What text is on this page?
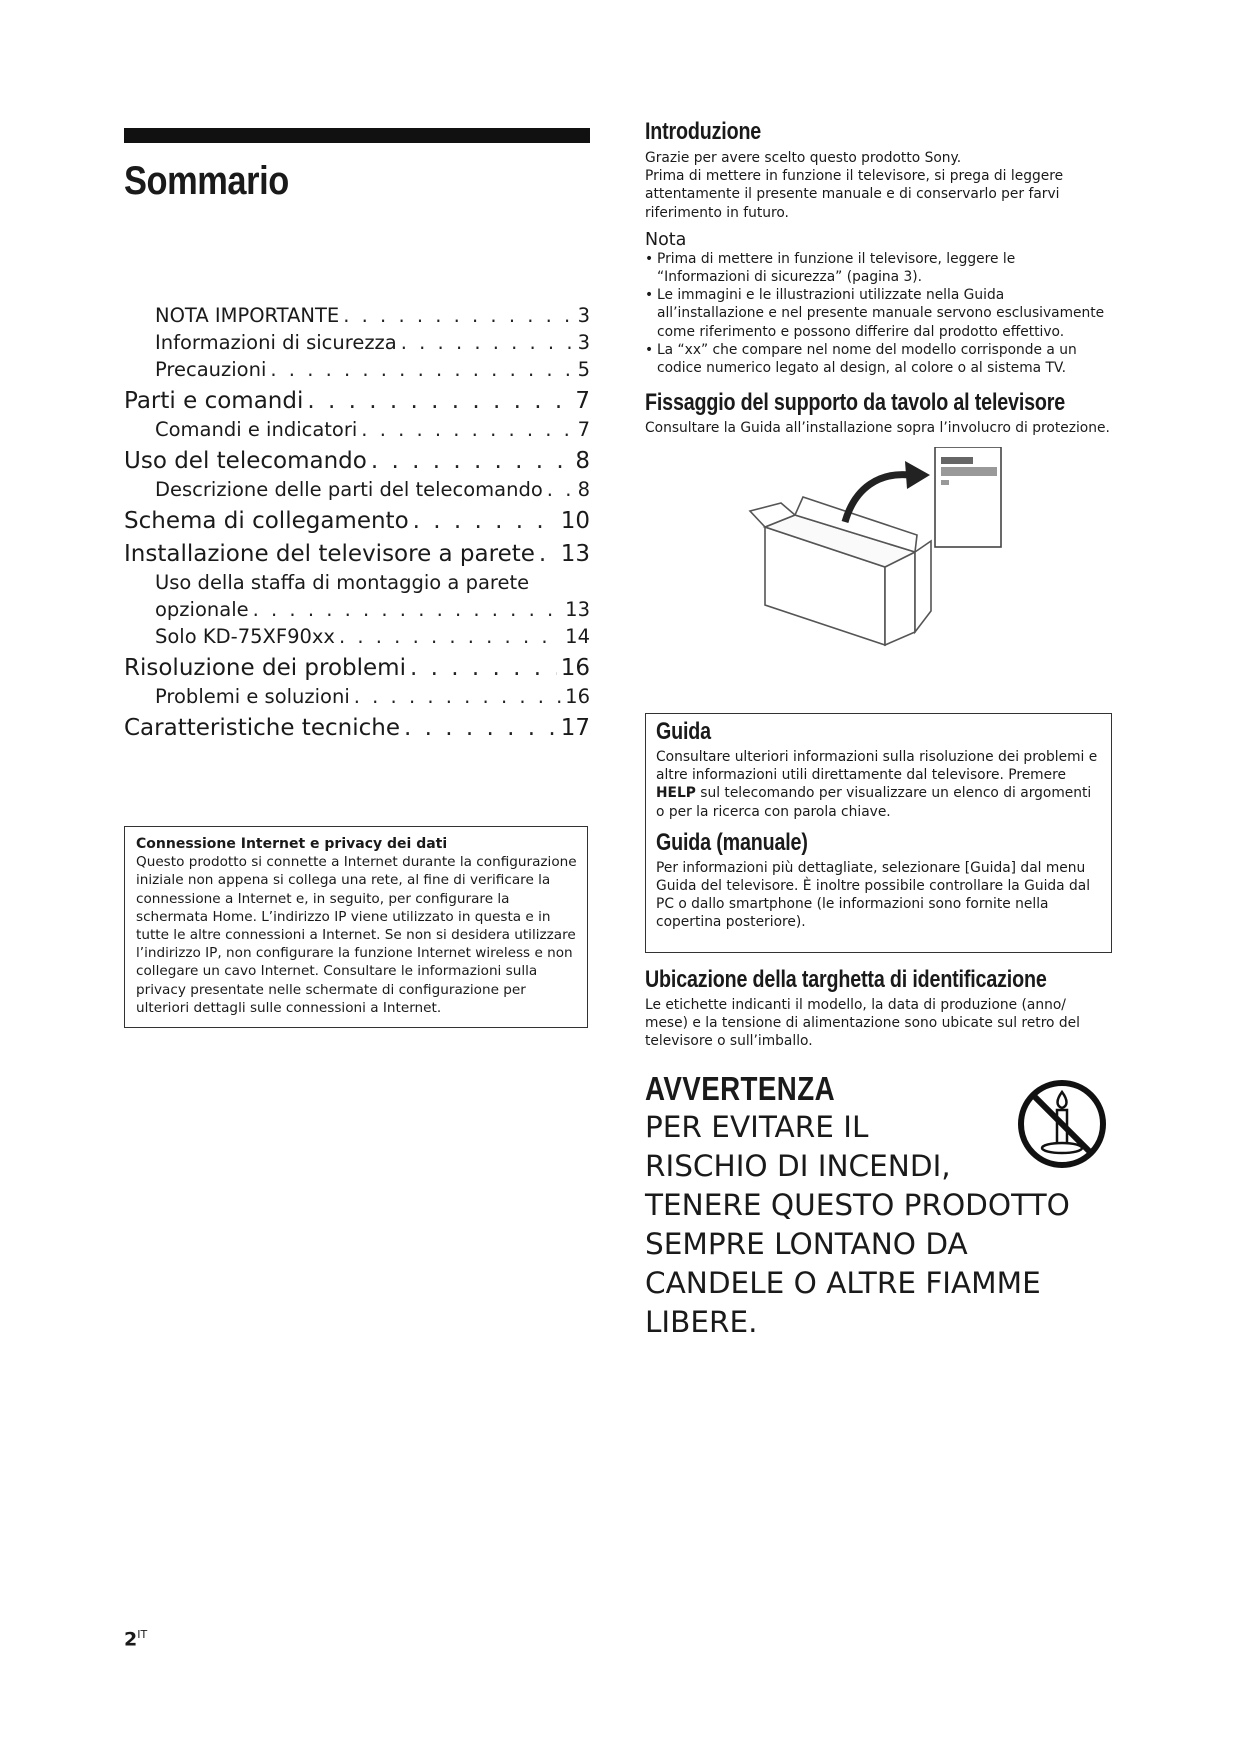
Sommario
NOTA IMPORTANTE . . .	3
Informazioni di sicurezza . . .	3
Precauzioni . . .	5
Parti e comandi . . .	7
Comandi e indicatori . . .	7
Uso del telecomando . . .	8
Descrizione delle parti del telecomando . . . 8
Schema di collegamento . . .	10
Installazione del televisore a parete . . . 13
Uso della staffa di montaggio a parete
opzionale . . .	13
Solo KD-75XF90xx . . .	14
Risoluzione dei problemi . . .	16
Problemi e soluzioni . . .	16
Caratteristiche tecniche . . .	17
Connessione Internet e privacy dei dati
Questo prodotto si connette a Internet durante la configurazione iniziale non appena si collega una rete, al fine di verificare la connessione a Internet e, in seguito, per configurare la schermata Home. L’indirizzo IP viene utilizzato in questa e in tutte le altre connessioni a Internet. Se non si desidera utilizzare l’indirizzo IP, non configurare la funzione Internet wireless e non collegare un cavo Internet. Consultare le informazioni sulla privacy presentate nelle schermate di configurazione per ulteriori dettagli sulle connessioni a Internet.
Introduzione

Grazie per avere scelto questo prodotto Sony.

Prima di mettere in funzione il televisore, si prega di leggere attentamente il presente manuale e di conservarlo per farvi riferimento in futuro.

Nota
• Prima di mettere in funzione il televisore, leggere le “Informazioni di sicurezza” (pagina 3).
• Le immagini e le illustrazioni utilizzate nella Guida all’installazione e nel presente manuale servono esclusivamente come riferimento e possono differire dal prodotto effettivo.
• La “xx” che compare nel nome del modello corrisponde a un codice numerico legato al design, al colore o al sistema TV.
Fissaggio del supporto da tavolo al televisore

Consultare la Guida all’installazione sopra l’involucro di protezione.

Guida

Consultare ulteriori informazioni sulla risoluzione dei problemi e altre informazioni utili direttamente dal televisore. Premere HELP sul telecomando per visualizzare un elenco di argomenti o per la ricerca con parola chiave.

Guida (manuale)

Per informazioni più dettagliate, selezionare [Guida] dal menu Guida del televisore. È inoltre possibile controllare la Guida dal PC o dallo smartphone (le informazioni sono fornite nella copertina posteriore).

Ubicazione della targhetta di identificazione

Le etichette indicanti il modello, la data di produzione (anno/ mese) e la tensione di alimentazione sono ubicate sul retro del televisore o sull’imballo.

AVVERTENZA

PER EVITARE IL

RISCHIO DI INCENDI,

TENERE QUESTO PRODOTTO

SEMPRE LONTANO DA

CANDELE O ALTRE FIAMME

LIBERE.

$2^{IT}$
